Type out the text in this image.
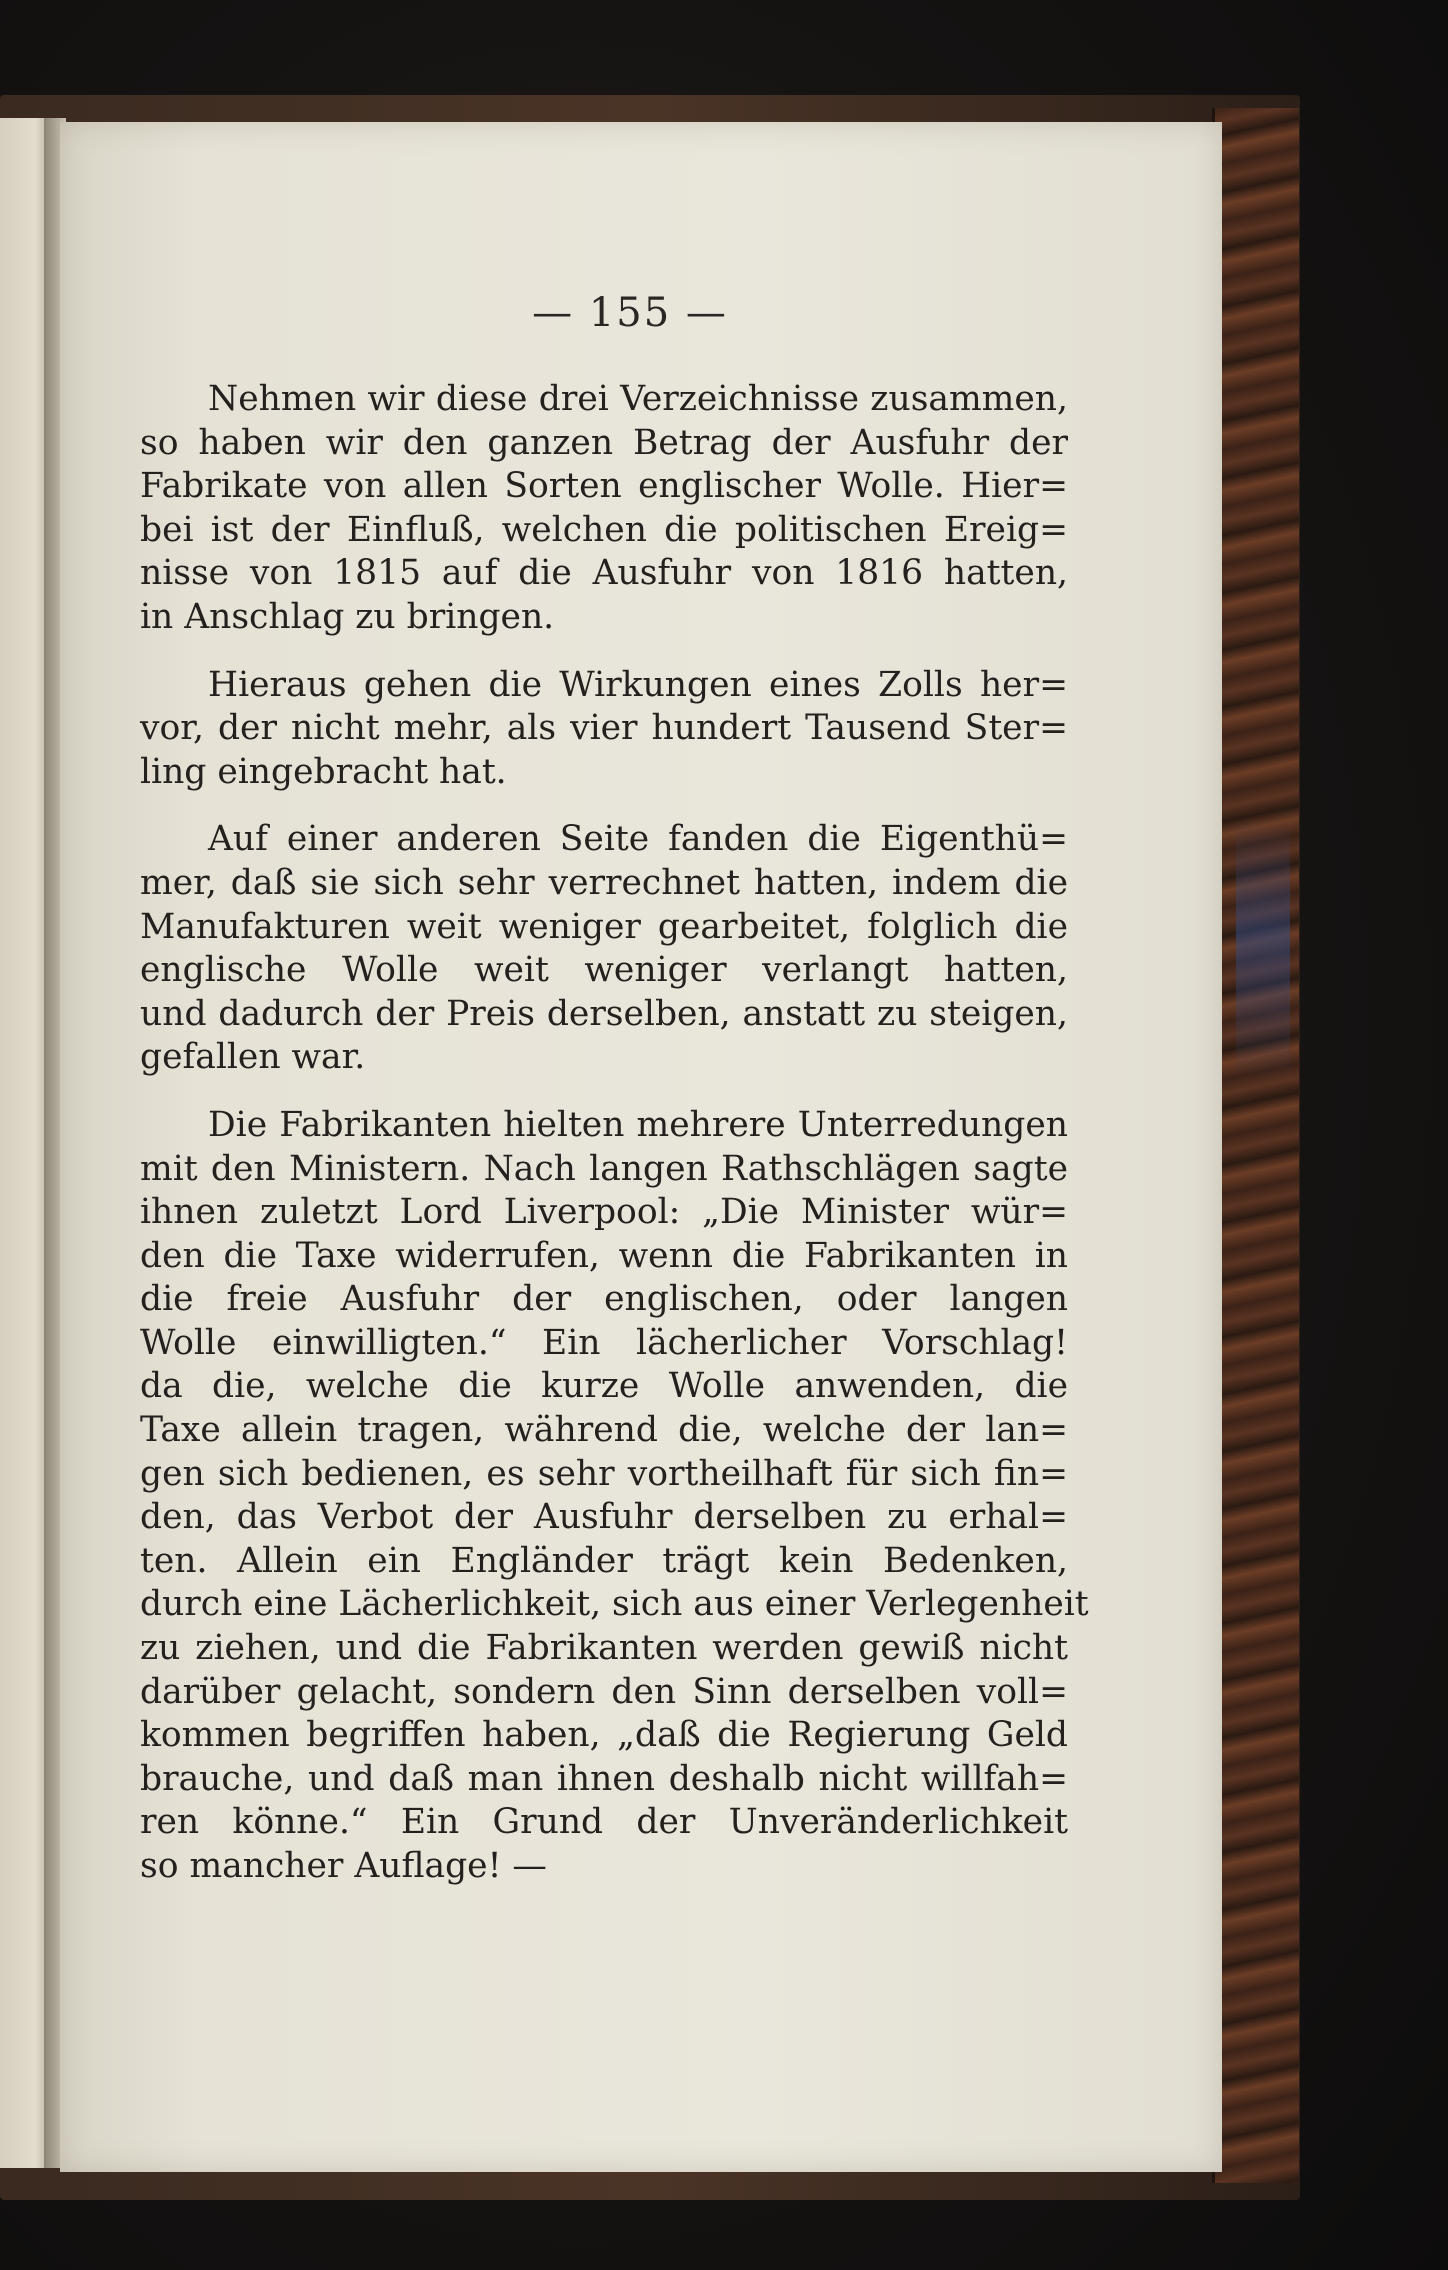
— 155 —
Nehmen wir diese drei Verzeichnisse zusammen,
so haben wir den ganzen Betrag der Ausfuhr der
Fabrikate von allen Sorten englischer Wolle. Hier=
bei ist der Einfluß, welchen die politischen Ereig=
nisse von 1815 auf die Ausfuhr von 1816 hatten,
in Anschlag zu bringen.
Hieraus gehen die Wirkungen eines Zolls her=
vor, der nicht mehr, als vier hundert Tausend Ster=
ling eingebracht hat.
Auf einer anderen Seite fanden die Eigenthü=
mer, daß sie sich sehr verrechnet hatten, indem die
Manufakturen weit weniger gearbeitet, folglich die
englische Wolle weit weniger verlangt hatten,
und dadurch der Preis derselben, anstatt zu steigen,
gefallen war.
Die Fabrikanten hielten mehrere Unterredungen
mit den Ministern. Nach langen Rathschlägen sagte
ihnen zuletzt Lord Liverpool: „Die Minister wür=
den die Taxe widerrufen, wenn die Fabrikanten in
die freie Ausfuhr der englischen, oder langen
Wolle einwilligten.“ Ein lächerlicher Vorschlag!
da die, welche die kurze Wolle anwenden, die
Taxe allein tragen, während die, welche der lan=
gen sich bedienen, es sehr vortheilhaft für sich fin=
den, das Verbot der Ausfuhr derselben zu erhal=
ten. Allein ein Engländer trägt kein Bedenken,
durch eine Lächerlichkeit, sich aus einer Verlegenheit
zu ziehen, und die Fabrikanten werden gewiß nicht
darüber gelacht, sondern den Sinn derselben voll=
kommen begriffen haben, „daß die Regierung Geld
brauche, und daß man ihnen deshalb nicht willfah=
ren könne.“ Ein Grund der Unveränderlichkeit
so mancher Auflage! —
